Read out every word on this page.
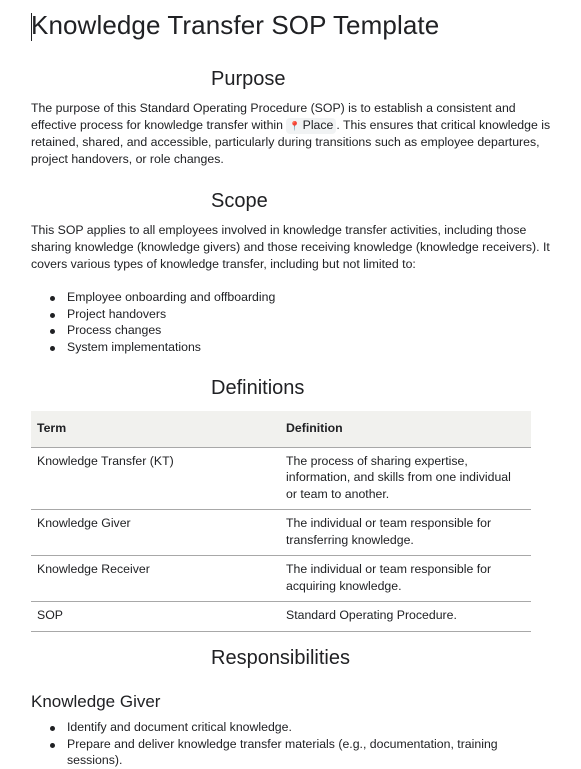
Knowledge Transfer SOP Template
Purpose

The purpose of this Standard Operating Procedure (SOP) is to establish a consistent and effective process for knowledge transfer within 📍 Place . This ensures that critical knowledge is retained, shared, and accessible, particularly during transitions such as employee departures, project handovers, or role changes.

Scope

This SOP applies to all employees involved in knowledge transfer activities, including those sharing knowledge (knowledge givers) and those receiving knowledge (knowledge receivers). It covers various types of knowledge transfer, including but not limited to:

Employee onboarding and offboarding
Project handovers
Process changes
System implementations
Definitions
Term	Definition
Knowledge Transfer (KT)	The process of sharing expertise, information, and skills from one individual or team to another.
Knowledge Giver	The individual or team responsible for transferring knowledge.
Knowledge Receiver	The individual or team responsible for acquiring knowledge.
SOP	Standard Operating Procedure.
Responsibilities
Knowledge Giver
Identify and document critical knowledge.
Prepare and deliver knowledge transfer materials (e.g., documentation, training sessions).
